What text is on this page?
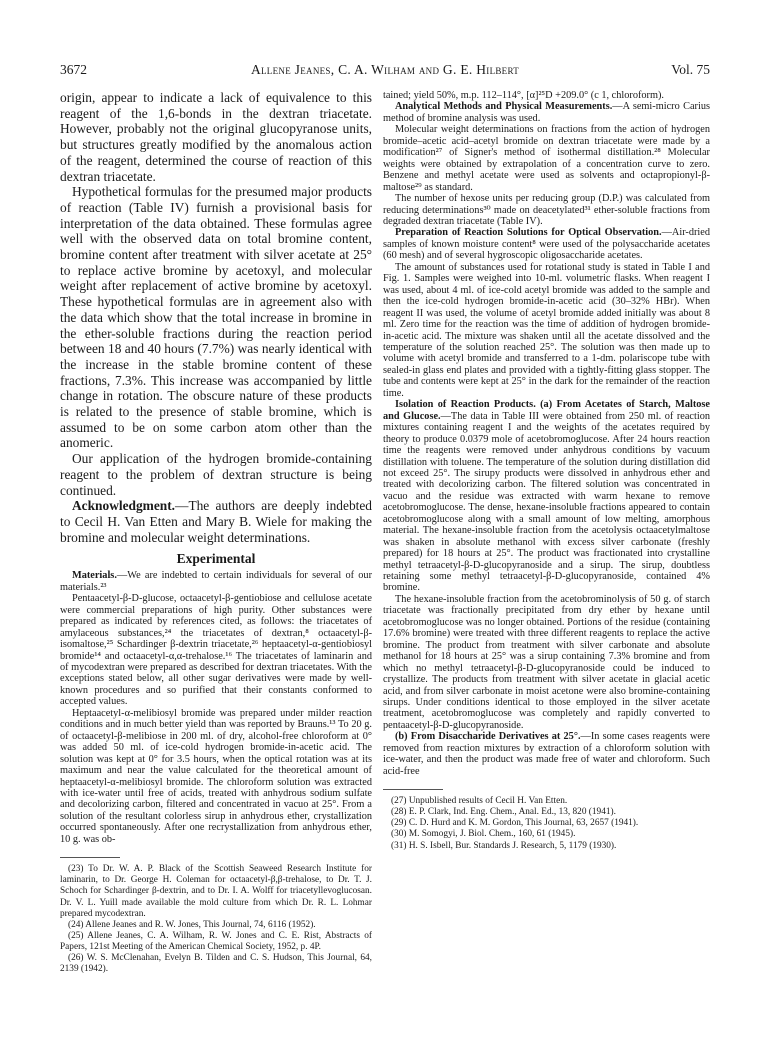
3672	Allene Jeanes, C. A. Wilham and G. E. Hilbert	Vol. 75

origin, appear to indicate a lack of equivalence to this reagent of the 1,6-bonds in the dextran triacetate. However, probably not the original glucopyranose units, but structures greatly modified by the anomalous action of the reagent, determined the course of reaction of this dextran triacetate.

Hypothetical formulas for the presumed major products of reaction (Table IV) furnish a provisional basis for interpretation of the data obtained. These formulas agree well with the observed data on total bromine content, bromine content after treatment with silver acetate at 25° to replace active bromine by acetoxyl, and molecular weight after replacement of active bromine by acetoxyl. These hypothetical formulas are in agreement also with the data which show that the total increase in bromine in the ether-soluble fractions during the reaction period between 18 and 40 hours (7.7%) was nearly identical with the increase in the stable bromine content of these fractions, 7.3%. This increase was accompanied by little change in rotation. The obscure nature of these products is related to the presence of stable bromine, which is assumed to be on some carbon atom other than the anomeric.

Our application of the hydrogen bromide-containing reagent to the problem of dextran structure is being continued.

Acknowledgment.—The authors are deeply indebted to Cecil H. Van Etten and Mary B. Wiele for making the bromine and molecular weight determinations.

Experimental

Materials.—We are indebted to certain individuals for several of our materials.²³

Pentaacetyl-β-D-glucose, octaacetyl-β-gentiobiose and cellulose acetate were commercial preparations of high purity. Other substances were prepared as indicated by references cited, as follows: the triacetates of amylaceous substances,²⁴ the triacetates of dextran,⁸ octaacetyl-β-isomaltose,²⁵ Schardinger β-dextrin triacetate,²⁶ heptaacetyl-α-gentiobiosyl bromide¹⁴ and octaacetyl-α,α-trehalose.¹⁶ The triacetates of laminarin and of mycodextran were prepared as described for dextran triacetates. With the exceptions stated below, all other sugar derivatives were made by well-known procedures and so purified that their constants conformed to accepted values.

Heptaacetyl-α-melibiosyl bromide was prepared under milder reaction conditions and in much better yield than was reported by Brauns.¹³ To 20 g. of octaacetyl-β-melibiose in 200 ml. of dry, alcohol-free chloroform at 0° was added 50 ml. of ice-cold hydrogen bromide-in-acetic acid. The solution was kept at 0° for 3.5 hours, when the optical rotation was at its maximum and near the value calculated for the theoretical amount of heptaacetyl-α-melibiosyl bromide. The chloroform solution was extracted with ice-water until free of acids, treated with anhydrous sodium sulfate and decolorizing carbon, filtered and concentrated in vacuo at 25°. From a solution of the resultant colorless sirup in anhydrous ether, crystallization occurred spontaneously. After one recrystallization from anhydrous ether, 10 g. was ob-

(23) To Dr. W. A. P. Black of the Scottish Seaweed Research Institute for laminarin, to Dr. George H. Coleman for octaacetyl-β,β-trehalose, to Dr. T. J. Schoch for Schardinger β-dextrin, and to Dr. I. A. Wolff for triacetyllevoglucosan. Dr. V. L. Yuill made available the mold culture from which Dr. R. L. Lohmar prepared mycodextran.

(24) Allene Jeanes and R. W. Jones, This Journal, 74, 6116 (1952).

(25) Allene Jeanes, C. A. Wilham, R. W. Jones and C. E. Rist, Abstracts of Papers, 121st Meeting of the American Chemical Society, 1952, p. 4P.

(26) W. S. McClenahan, Evelyn B. Tilden and C. S. Hudson, This Journal, 64, 2139 (1942).

tained; yield 50%, m.p. 112–114°, [α]²⁵D +209.0° (c 1, chloroform).

Analytical Methods and Physical Measurements.—A semi-micro Carius method of bromine analysis was used.

Molecular weight determinations on fractions from the action of hydrogen bromide–acetic acid–acetyl bromide on dextran triacetate were made by a modification²⁷ of Signer's method of isothermal distillation.²⁸ Molecular weights were obtained by extrapolation of a concentration curve to zero. Benzene and methyl acetate were used as solvents and octapropionyl-β-maltose²⁹ as standard.

The number of hexose units per reducing group (D.P.) was calculated from reducing determinations³⁰ made on deacetylated³¹ ether-soluble fractions from degraded dextran triacetate (Table IV).

Preparation of Reaction Solutions for Optical Observation.—Air-dried samples of known moisture content⁸ were used of the polysaccharide acetates (60 mesh) and of several hygroscopic oligosaccharide acetates.

The amount of substances used for rotational study is stated in Table I and Fig. 1. Samples were weighed into 10-ml. volumetric flasks. When reagent I was used, about 4 ml. of ice-cold acetyl bromide was added to the sample and then the ice-cold hydrogen bromide-in-acetic acid (30–32% HBr). When reagent II was used, the volume of acetyl bromide added initially was about 8 ml. Zero time for the reaction was the time of addition of hydrogen bromide-in-acetic acid. The mixture was shaken until all the acetate dissolved and the temperature of the solution reached 25°. The solution was then made up to volume with acetyl bromide and transferred to a 1-dm. polariscope tube with sealed-in glass end plates and provided with a tightly-fitting glass stopper. The tube and contents were kept at 25° in the dark for the remainder of the reaction time.

Isolation of Reaction Products. (a) From Acetates of Starch, Maltose and Glucose.—The data in Table III were obtained from 250 ml. of reaction mixtures containing reagent I and the weights of the acetates required by theory to produce 0.0379 mole of acetobromoglucose. After 24 hours reaction time the reagents were removed under anhydrous conditions by vacuum distillation with toluene. The temperature of the solution during distillation did not exceed 25°. The sirupy products were dissolved in anhydrous ether and treated with decolorizing carbon. The filtered solution was concentrated in vacuo and the residue was extracted with warm hexane to remove acetobromoglucose. The dense, hexane-insoluble fractions appeared to contain acetobromoglucose along with a small amount of low melting, amorphous material. The hexane-insoluble fraction from the acetolysis octaacetylmaltose was shaken in absolute methanol with excess silver carbonate (freshly prepared) for 18 hours at 25°. The product was fractionated into crystalline methyl tetraacetyl-β-D-glucopyranoside and a sirup. The sirup, doubtless retaining some methyl tetraacetyl-β-D-glucopyranoside, contained 4% bromine.

The hexane-insoluble fraction from the acetobrominolysis of 50 g. of starch triacetate was fractionally precipitated from dry ether by hexane until acetobromoglucose was no longer obtained. Portions of the residue (containing 17.6% bromine) were treated with three different reagents to replace the active bromine. The product from treatment with silver carbonate and absolute methanol for 18 hours at 25° was a sirup containing 7.3% bromine and from which no methyl tetraacetyl-β-D-glucopyranoside could be induced to crystallize. The products from treatment with silver acetate in glacial acetic acid, and from silver carbonate in moist acetone were also bromine-containing sirups. Under conditions identical to those employed in the silver acetate treatment, acetobromoglucose was completely and rapidly converted to pentaacetyl-β-D-glucopyranoside.

(b) From Disaccharide Derivatives at 25°.—In some cases reagents were removed from reaction mixtures by extraction of a chloroform solution with ice-water, and then the product was made free of water and chloroform. Such acid-free

(27) Unpublished results of Cecil H. Van Etten.

(28) E. P. Clark, Ind. Eng. Chem., Anal. Ed., 13, 820 (1941).

(29) C. D. Hurd and K. M. Gordon, This Journal, 63, 2657 (1941).

(30) M. Somogyi, J. Biol. Chem., 160, 61 (1945).

(31) H. S. Isbell, Bur. Standards J. Research, 5, 1179 (1930).
